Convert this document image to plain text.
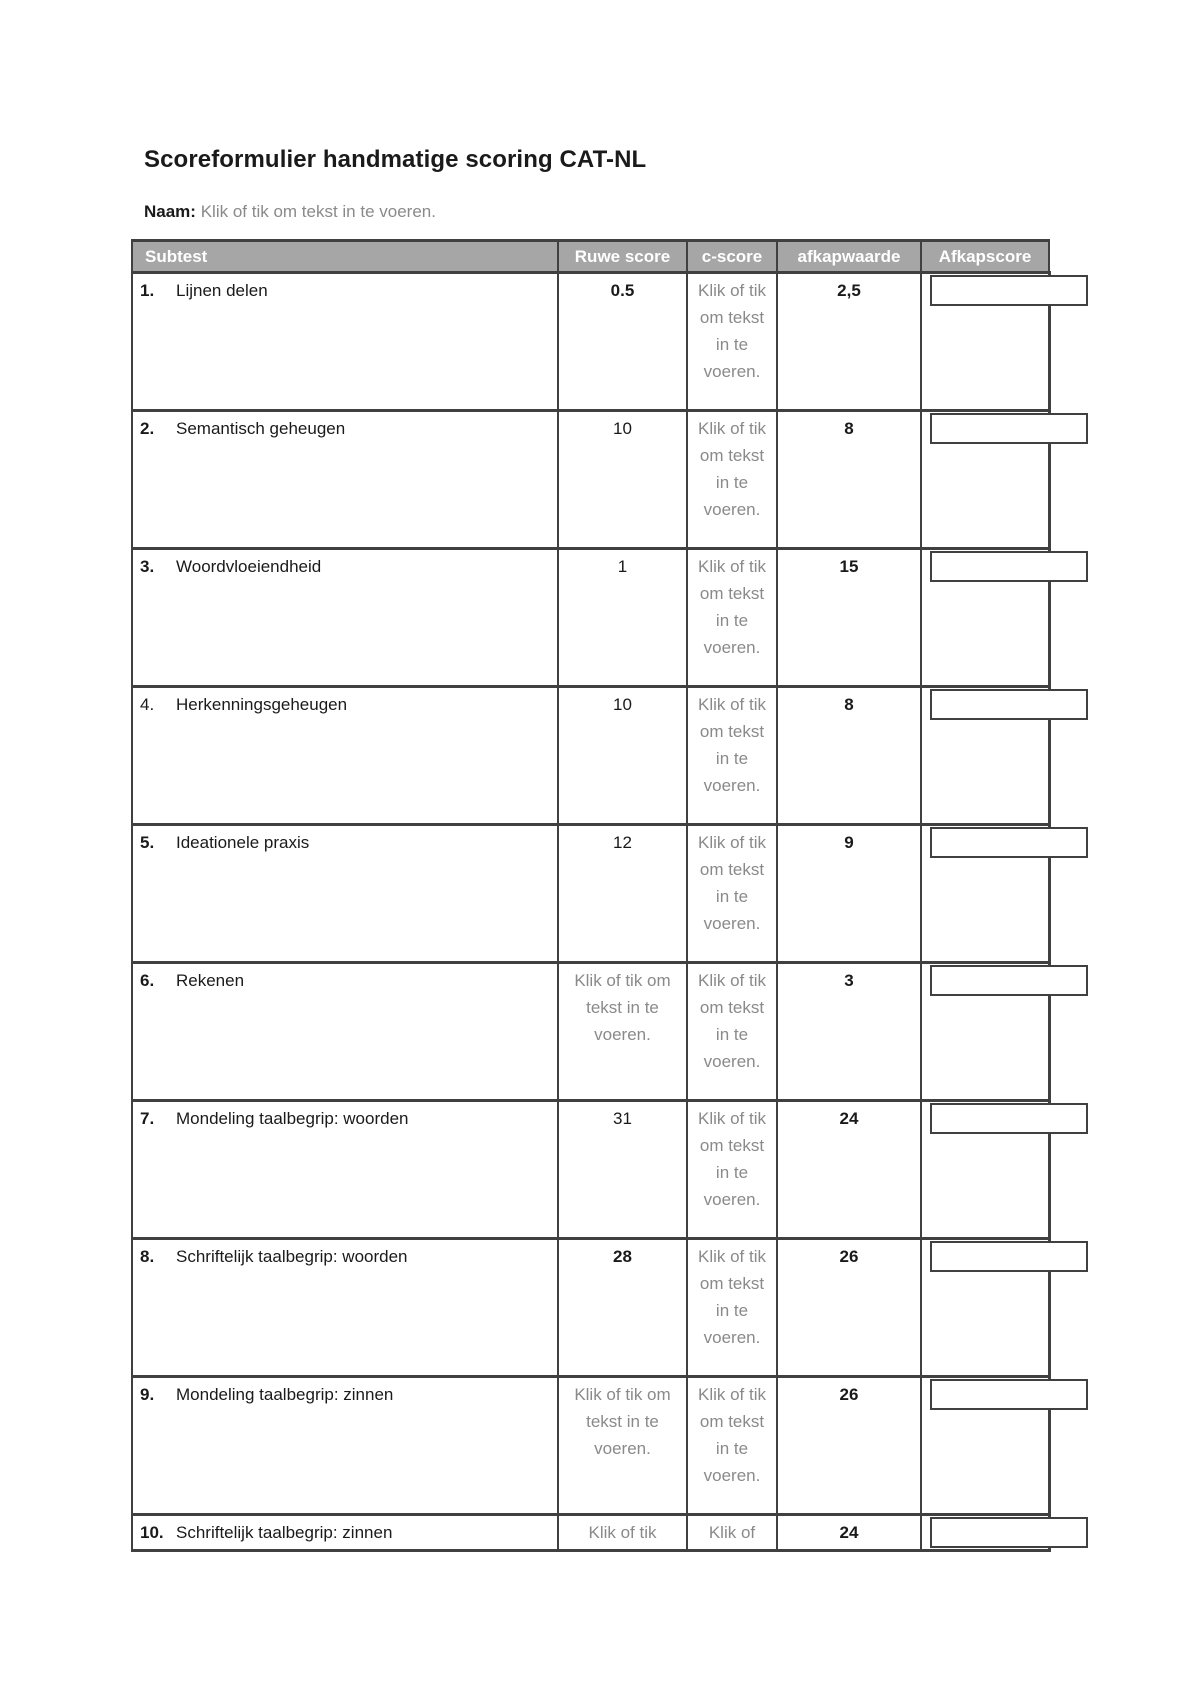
Scoreformulier handmatige scoring CAT-NL
Naam: Klik of tik om tekst in te voeren.
Subtest	Ruwe score	c-score	afkapwaarde	Afkapscore
1. Lijnen delen	0.5	Klik of tik om tekst in te voeren.	2,5	

2. Semantisch geheugen	10	Klik of tik om tekst in te voeren.	8	

3. Woordvloeiendheid	1	Klik of tik om tekst in te voeren.	15	

4. Herkenningsgeheugen	10	Klik of tik om tekst in te voeren.	8	

5. Ideationele praxis	12	Klik of tik om tekst in te voeren.	9	

6. Rekenen	Klik of tik om tekst in te voeren.	Klik of tik om tekst in te voeren.	3	

7. Mondeling taalbegrip: woorden	31	Klik of tik om tekst in te voeren.	24	

8. Schriftelijk taalbegrip: woorden	28	Klik of tik om tekst in te voeren.	26	

9. Mondeling taalbegrip: zinnen	Klik of tik om tekst in te voeren.	Klik of tik om tekst in te voeren.	26	

10. Schriftelijk taalbegrip: zinnen	Klik of tik	Klik of	24	
